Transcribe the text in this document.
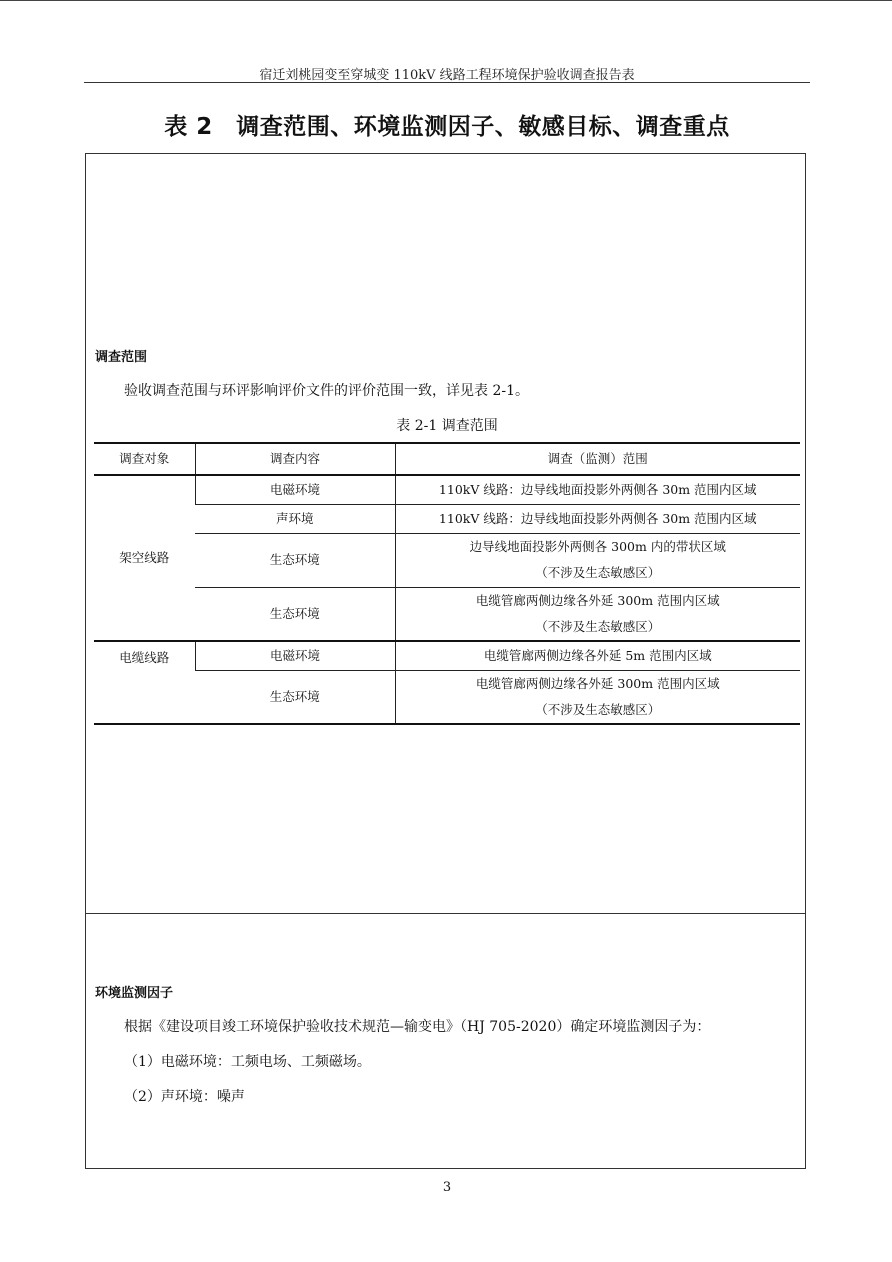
宿迁刘桃园变至穿城变 110kV 线路工程环境保护验收调查报告表
表 2　调查范围、环境监测因子、敏感目标、调查重点
调查范围
验收调查范围与环评影响评价文件的评价范围一致，详见表 2-1。
表 2-1 调查范围
调查对象	调查内容	调查（监测）范围
架空线路	电磁环境	110kV 线路：边导线地面投影外两侧各 30m 范围内区域
	声环境	110kV 线路：边导线地面投影外两侧各 30m 范围内区域
	生态环境	边导线地面投影外两侧各 300m 内的带状区域
（不涉及生态敏感区）

	生态环境	电缆管廊两侧边缘各外延 300m 范围内区域
（不涉及生态敏感区）

电缆线路	电磁环境	电缆管廊两侧边缘各外延 5m 范围内区域
	生态环境	电缆管廊两侧边缘各外延 300m 范围内区域
（不涉及生态敏感区）
环境监测因子
根据《建设项目竣工环境保护验收技术规范—输变电》（HJ 705-2020）确定环境监测因子为：
（1）电磁环境：工频电场、工频磁场。
（2）声环境：噪声
3
